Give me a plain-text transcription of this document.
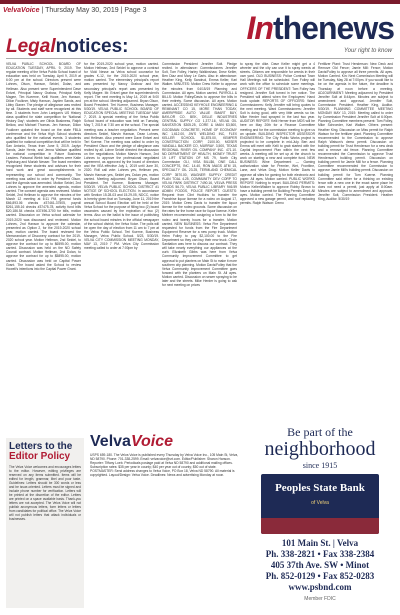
VelvaVoice | Thursday May 30, 2019 | Page 3	Inthenews
Your right to know
Legalnotices:

VELVA PUBLIC SCHOOL BOARD OF EDUCATION TUESDAY, APRIL 9, 2019. The regular meeting of the Velva Public School board of education was held on Tuesday, April 9, 2019 at 6:00 pm at the school. Directors present were Lohnes, Olson, Hanson, Seidel, Dolan, and Hellman. Also present were Superintendent Dave Entzel, Principal Nancy Grabow, Principal Kelly Magee, Tim Kueerne, Kelli Howe, Jen Hanson, Dillon Foulkner, Misty Hanson, Jayden Sands, and Libby Glaner. The pledge of allegiance was recited by all. Students and staff were recognized at this time. 3 students from John Lanigan's US History class qualified for state competition for 'National History Day'; students are Olivia Buskness, Ralph Bellow, and Michael Thomas. Jen Hanson, Dillon Foulkner updated the board on the state FBLA conference and the Velva High School students who qualified for the national events. 3 students qualified for national competition that will be held in San Antonio, Texas from June 5, 2019. Jaylyn Sands, Jade Hentz, and Jenna Wallace qualified for national competition in Future Business Leaders. Paisonal Webb had qualifiers were Katie Flydsburg and Moriah Nesser. The board members recognized these students and advisors for their hard work and great accomplishments in representing our school and community. The meeting was called to order by President Olson, and the Agenda was amended. Motion Seidel, 2nd Lohnes to approve the amended agenda, motion carried. The consent agenda was reviewed. Motion Seidel, 2nd Hellman to approve the minutes of the March 12 meeting at 6:11 PM, general funds $66,893.06 checks #37461-37505, payroll $261,155.16 checks #37475-78, activity fund bills $20,186.54 checks #37496-3700 for bills, motion carried. Discussion on Velva school calendar for 2019-2020 was discussed and reviewed. Motion Lohnes, 2nd Hanson to approve the calendar, presented as Option 2, for the 2019-2020 school year, motion carried. The board reviewed the Memorandum of Discovery contract for the 2019-2020 school year. Motion Hellman, 2nd Seidel, to approve the contract for up to $6595.00, motion carried. Discussion was held on the ND Safety Council contract. Motion Hellman, 2nd Dolan, to approve the contract for up to $5895.00, motion carried. Discussion was held on Capital Power Grant. The board asked the School to review Howell's intentions into the Capital Power Grant.

for the 2019-2020 school year, motion carried. Motion Hellman, 2nd Seidel to approve a contract for Vicki Nesse as Velva school counselor for grades K-12, for the 2019-2020 school year, motion carried. The elementary principal's report was presented by Nancy Grabow and the secondary principal's report was presented by Kelly Magee. Mr. Entzel gave the superintendent's report. The next meeting is May 14, 2019 at 5:00 pm at the school. Meeting adjourned. Bryan Olson, Board President. Teri Kuerne, Business Manager. 5/30/19. VELVA PUBLIC SCHOOL BOARD OF EDUCATION SPECIAL MEETING TUESDAY MAY 7, 2019. A special meeting of the Velva Public School board of education was held on Tuesday, May 7, 2019 at 7:30 am at the school. The special meeting was a teacher negotiation. Present were directors Seidel, Marvin Hanson, Dean Lohnes, and Hellman. Also present were Dave Entzel and Teri Kuerne. The meeting was called to order by President Olson and the pledge of allegiance was recited by all. Lohne Seidel directed the discussion on the negotiations. Motion Marvin Hanson, 2nd Lohnes to approve the professional negotiated agreement, as approved by the board of directors and the VEA effective July 1, 2019 until June 30, 2020. Roll call vote: Lohnes yes, Hellman yes, Marvin Hanson yes, Seidel yes, Dolan yes, motion carried. Meeting adjourned. Bryan Olson, Board President. Teri Kuerne, Business Manager. 5/30/19. VELVA PUBLIC SCHOOL DISTRICT #1 NOTICE OF SCHOOL ELECTION. In accordance with Section 15.28-03 and 15.29-05, NDCC, notice is hereby given that on Tuesday, June 11, 2019 the annual School Board Election will be held at the Velva School for the purpose of filling two (2) board vacancies caused by the expiration of two (2) terms. Also on the ballot is the issue of publishing the school board minutes in the official newspaper of the school district, the Velva Voice. The polls will be open the day of election from 11 am to 7 pm at the Velva Public School. Teri Kuerne, Business Manager, Velva Public School. 5/23, 5/30/19. VELVA CITY COMMISSION MEETING MONDAY, MAY 13, 2019 7 PM. Velva City Commission meeting called to order at 7:00pm by

Commission President Jennifer Solt. Pledge recited. In attendance: Commissioners Jennifer Solt, Tom Folley, Harley Walkinshaw, Drew Keller, Ben Diaz and Mary Le Garis. Also in attendance: Heather King, Kelly Sandrud, Emma Keller, Kari Walker. MINUTES: Motion Drew Keller to approve the minutes from 04/15/19 Planning and Commission. All ayes. Motion carried. PAYROLL & BILLS: Motion Folley/Davis to approve the bills in their entirety. Some discussion. All ayes. Motion carried. ACCESSING KEYHOLE ENGINEERING & REMINANT CO 15, MORE THAN TODAY, AMERIPRIDE AUTO VALUE SMART BUY, BAYLOR CO. BEK, DELLE INDUSTRIES CENTRAL SUPPLY CO 1,377.16, VELVA OIL SANITATION $305.25, CORE & MAIN $3,500, GOODMAN CONCRETE, HOME OF ECONOMY INC 1,612.00, JW'S WELDING INC, FLEX KELLER SCHOOL $1,875.00, KEMPER CONSTRUCTION CORP, 2100.00, MOSER VANDALL BACKER CO, MURRAY. 3,500, TEXAS REGIONAL RIVER OIL COMPANY INC. 471.10. ND DEPARTMENT OF HEALTH, MONEY TRUST 19 LIFT STATION OF MS 79, North City Commission OLI, VISA BILL$6, ONE CALL CONCEPTS, INC. 14.40, RON MAGS ATM 15, SPECIALTY OIL 23.25, TERMLAND CHEMICAL CORP 3570.00, WAGNER SUPPLY CREDIT PLAN TOAL 4.25, COMMUNITY DEV CORP TO VELVA PARK DISTRICT 7490.16, VELVA PRESS FOODS 56.70, VELVA PUBLIC LIBRARY 946.59 ADMIN FOODS, POLICE REPORT. GUESTS: Request from Clint Hudkins to transfer the Franchise liquor license for a rodeo on August 17, 2019. Motion Drew Davis to transfer the liquor license for the rodeo grounds. Some discussion on the rates for the horse race for liquor license. Keller Meitner recommended cosigning a form to list the rodeo and twenty hours for a transfer. Motion carried. NEW BUSINESS: Velva Fire Department requested for funds from the Fire Department Equipment Reserve for a new pump truck. Motion Helm Folley to pay $2,100.00 to the Fire Department so they can buy their new truck. Circle Sanitation was here to discuss our contract. They will take nearly everything our appliances at the curb. Elizabeth Gibbs was here from Velva Community Improvement Committee to get approval to put planters on Main St to make it more southern city planning. Motion Davis/Folley that the Velva Community Improvement Committee goes forward with the planters on Main St. All ayes. Motion carried. Discussion on sewer spraying to be later and the streets. Mike Herder is going to ask for next meeting on prices

to spray the dike. Dave Keller might get a 4 wheeler and the city can use it to spray weeds at streets. Citizens are responsible for weeds in their own yard. OLD BUSINESS: Police Contract Town Hall Meetings will be scheduled. Tom Folley will work with the office to schedule some meetings. OFFICERS OF THE PRESIDENT: Tom Folley has resigned. Jennifer Solt turned in her notice. The President will attend when the Employees' Hand book update. REPORTS OF OFFICERS: Ward Commissioners: Kelly Jennifer will bring quotes to the next meeting. Ward Commissioners: Jennifer Solt is doing good, with very little weeds so far. Mike Herder had sprayed in the last two year. AUDITOR REPORT: Kelli Herner from MDS will be here on May 20th for a Finance Committee meeting and for the commission meeting to give us an update. BUILDING INSPECTOR ASSESSOR ENGINEERING: The City Public Works project is projected to be complete in mid-July. Ben and Emma will meet with Kelli to grab started with the Capital Improvement Plan within the next few weeks. A meeting will be set up at the church to work on starting a new and complete fund. NEW BUSINESS: Wine Department — Gaming authorization slate for Premier, Wet, Frontline, Lane, and Velva Drug. Motion Keller Davis to approve all sites for gaming for both electronic and paper. All ayes. Motion carried. PUBLIC WORKS REPORT: Nothing to report. BUILDING PERMITS: Motion Keller/Walker to approve Robby Brown to have a building permit for Building Permits Dept. All ayes. Motion carried. The Planning Committee approved a new garage permit, and roof replacing permits. Ralph Watson: Demo

Fertilizer Plant: Trust Henderson: New Deck and Remove Old Fence; Jamie Mill: Fence; Motion Davis/Folley to approve all three permits. All ayes. Motion Carried. Kin: Next Commission Meeting will be Tuesday, May 28 at 7:00pm. If you would like to be on the agenda in the future, the deadline is Thursday at noon before a meeting. ADJOURNMENT: Meeting adjourned by President Jennifer Solt at 8:44pm. Minutes are subject to amendment and approval. Jennifer Solt, Commission President. Heather King, Auditor. 5/30/19. PLANNING COMMITTEE MEETING MONDAY MAY 13, 2019. Meeting called to order by Commission President Jennifer Solt at 6:00pm. Planning Committee members present: Tom Folley, Mike Schroeder, Kari Walker. Others present: Heather King. Discussion on Miss permit for Ralph Watson for the fertilizer plant. Planning Committee recommended to the Commission to approve Ralph Watson's demo permit. Discussion on building permit for Trust Henderson for a new deck and a remove old fence. Planning Committee recommended the Commission to approve Trust Henderson's building permit. Discussion on building permit for Jamie Mill for a fence. Planning Committee recommended the Commission to approve Jamie Mill's building permit. Discussion on building permit for Tom Kuerne. Planning Committee said either for a thinking on existing fence with a new one in the exact same place he does not need a permit, just apply at 8:00am. Minutes are subject to amendment and approval. Jennifer Solt, Commission President. Heather King, Auditor. 5/30/19

Letters to the
Editor Policy
The Velva Voice welcomes and encourages letters to the editor. However, editing privileges are reserved on any items submitted. Items will be edited for length, grammar, libel and poor taste. Guidelines: Letters should be 300 words or less and be issue-oriented. Letters must be signed and include phone number for verification. Letters will be printed at the discretion of the editor. Letters are printed on a space available basis. Thank-you letters are not accepted. The Velva Voice will not publish anonymous letters, form letters or letters from candidates for political office. The Velva Voice will not publish letters that attack individuals or businesses.
VelvaVoice
USPS 659-180. The Velva Voice is published every Thursday by Velva Voice Inc., 105 Main St, Velva, ND 58790. Phone: 701-338-2599. Email: velvavoice@srt.com. Editor/Publisher: Sharon Hanson. Reporter: Tiffany Loeb. Periodicals postage paid at Velva ND 58790 and additional mailing offices. Subscription rates: $35 per year in county; $40 per year out of county; $50 out of state. POSTMASTER: Send address changes to Velva Voice, PO Box 18, Velva ND 58790. All material is copyrighted. Layout/Design: Velva Voice. Deadlines: News and advertising Monday at noon.
Be part of the
neighborhood
since 1915
Peoples State Bank
of Velva
101 Main St. | Velva
Ph. 338-2821 • Fax 338-2384
405 37th Ave. SW • Minot
Ph. 852-0129 • Fax 852-0283
www.psbnd.com
Member FDIC
